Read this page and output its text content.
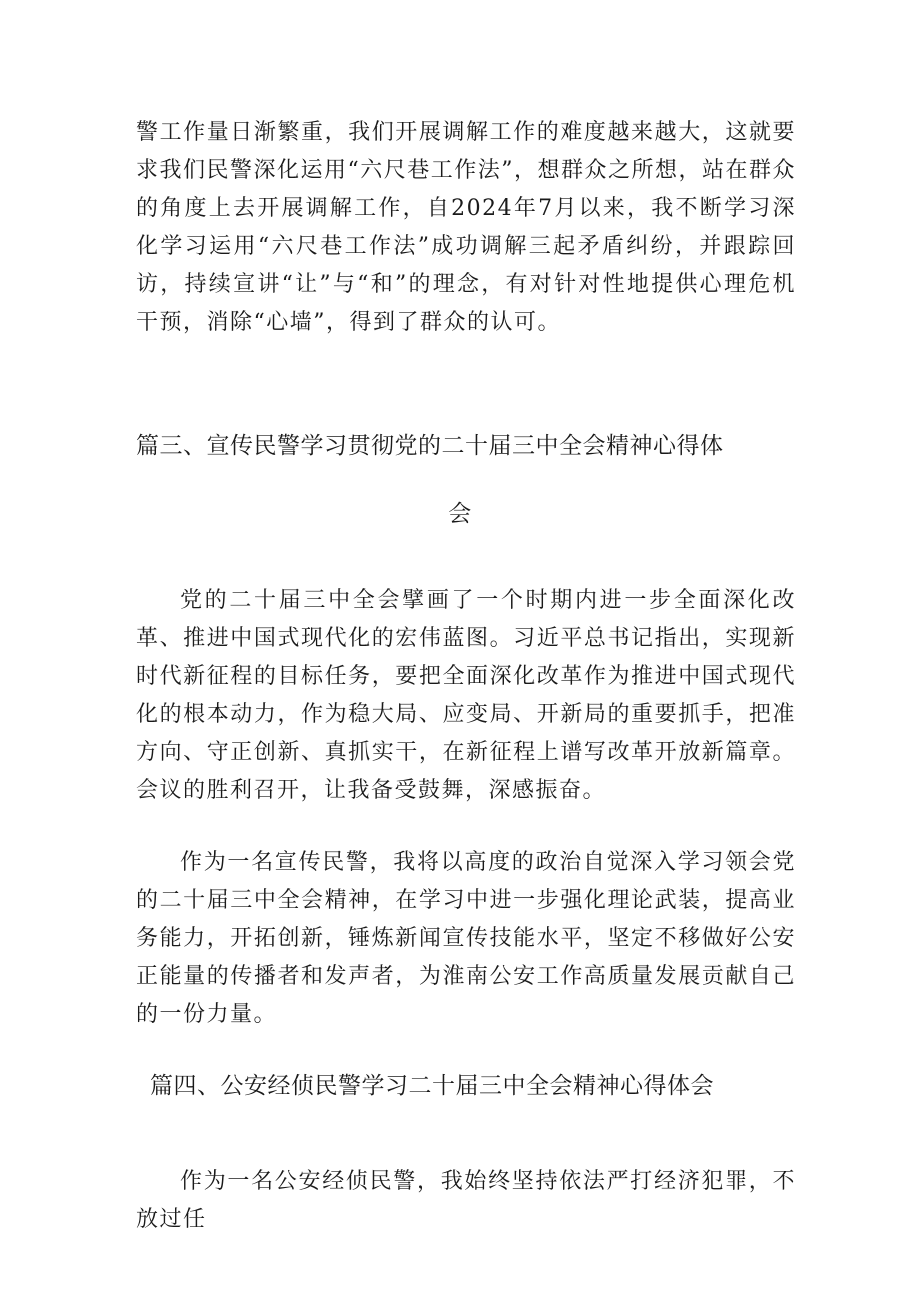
警工作量日渐繁重，我们开展调解工作的难度越来越大，这就要求我们民警深化运用“六尺巷工作法”，想群众之所想，站在群众的角度上去开展调解工作，自2024年7月以来，我不断学习深化学习运用“六尺巷工作法”成功调解三起矛盾纠纷，并跟踪回访，持续宣讲“让”与“和”的理念，有对针对性地提供心理危机干预，消除“心墙”，得到了群众的认可。

篇三、宣传民警学习贯彻党的二十届三中全会精神心得体
会

党的二十届三中全会擘画了一个时期内进一步全面深化改革、推进中国式现代化的宏伟蓝图。习近平总书记指出，实现新时代新征程的目标任务，要把全面深化改革作为推进中国式现代化的根本动力，作为稳大局、应变局、开新局的重要抓手，把准方向、守正创新、真抓实干，在新征程上谱写改革开放新篇章。会议的胜利召开，让我备受鼓舞，深感振奋。

作为一名宣传民警，我将以高度的政治自觉深入学习领会党的二十届三中全会精神，在学习中进一步强化理论武装，提高业务能力，开拓创新，锤炼新闻宣传技能水平，坚定不移做好公安正能量的传播者和发声者，为淮南公安工作高质量发展贡献自己的一份力量。

篇四、公安经侦民警学习二十届三中全会精神心得体会

作为一名公安经侦民警，我始终坚持依法严打经济犯罪，不放过任
